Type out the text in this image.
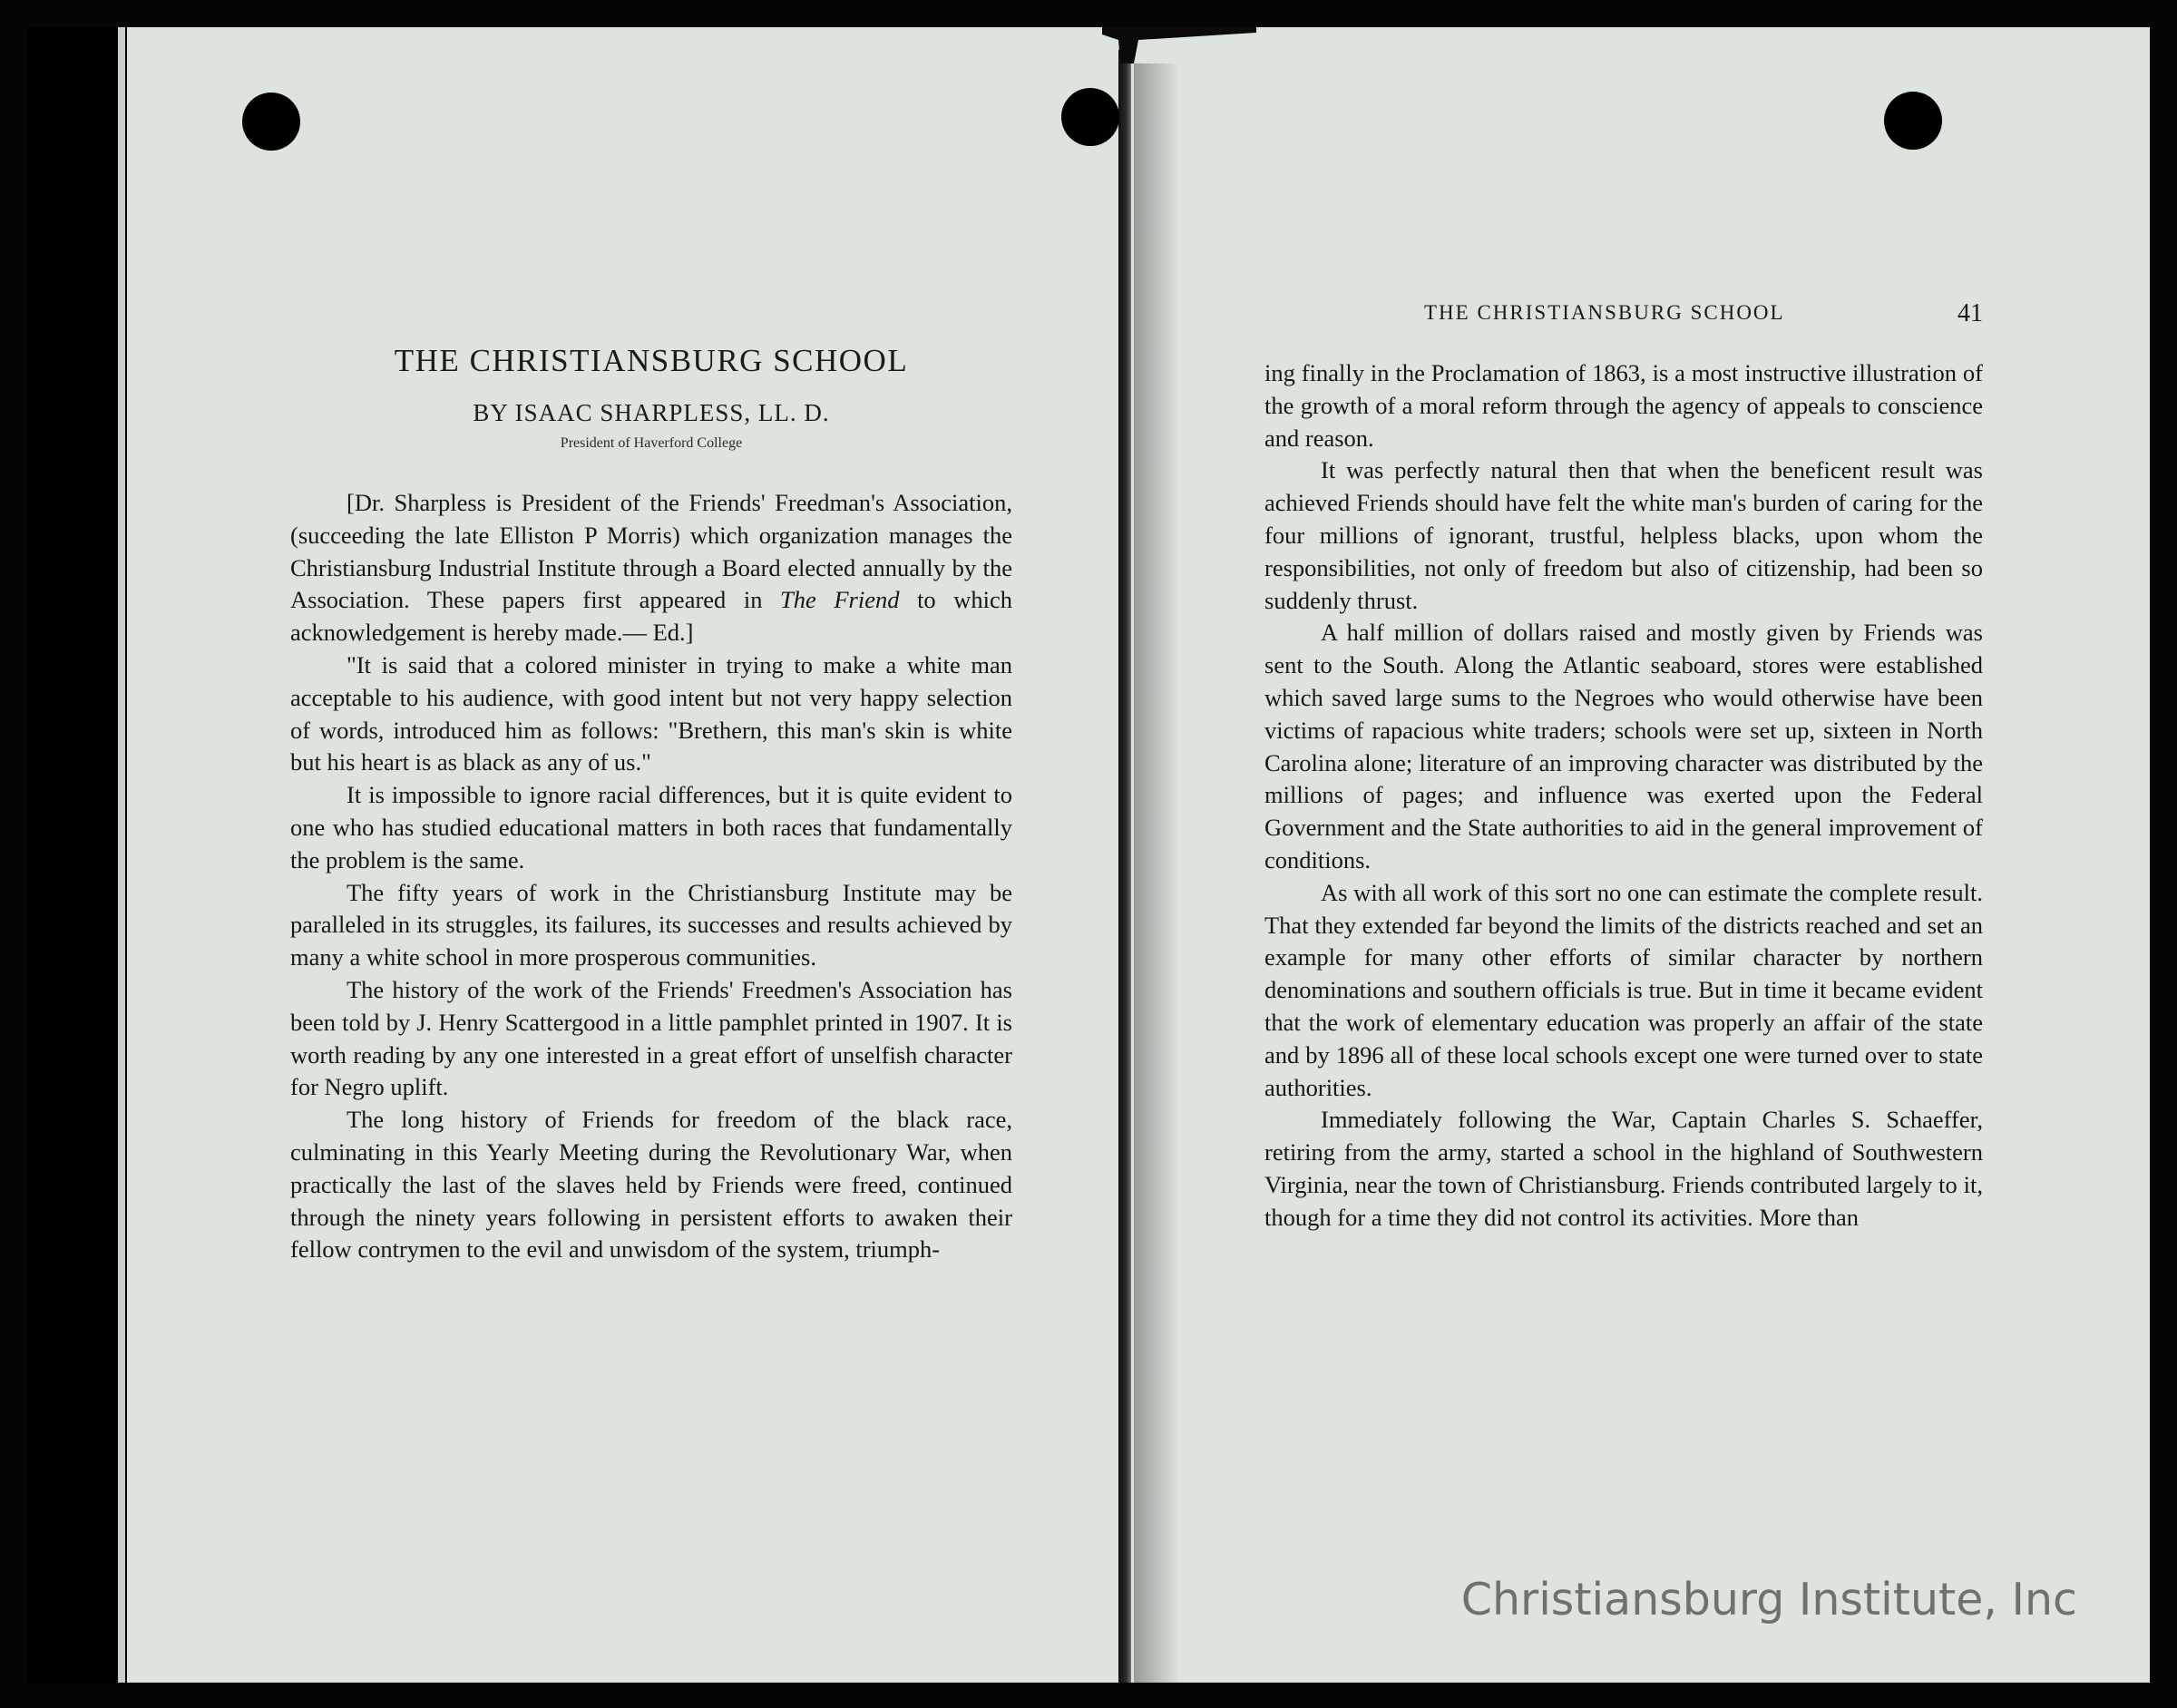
THE CHRISTIANSBURG SCHOOL
BY ISAAC SHARPLESS, LL. D.
President of Haverford College

[Dr. Sharpless is President of the Friends' Freedman's Association, (succeeding the late Elliston P Morris) which organization manages the Christiansburg Industrial Institute through a Board elected annually by the Association. These papers first appeared in The Friend to which acknowledgement is hereby made.— Ed.]

"It is said that a colored minister in trying to make a white man acceptable to his audience, with good intent but not very happy selection of words, introduced him as follows: "Brethern, this man's skin is white but his heart is as black as any of us."

It is impossible to ignore racial differences, but it is quite evident to one who has studied educational matters in both races that fundamentally the problem is the same.

The fifty years of work in the Christiansburg Institute may be paralleled in its struggles, its failures, its successes and results achieved by many a white school in more prosperous communities.

The history of the work of the Friends' Freedmen's Association has been told by J. Henry Scattergood in a little pamphlet printed in 1907. It is worth reading by any one interested in a great effort of unselfish character for Negro uplift.

The long history of Friends for freedom of the black race, culminating in this Yearly Meeting during the Revolutionary War, when practically the last of the slaves held by Friends were freed, continued through the ninety years following in persistent efforts to awaken their fellow contrymen to the evil and unwisdom of the system, triumph-

THE CHRISTIANSBURG SCHOOL	41

ing finally in the Proclamation of 1863, is a most instructive illustration of the growth of a moral reform through the agency of appeals to conscience and reason.

It was perfectly natural then that when the beneficent result was achieved Friends should have felt the white man's burden of caring for the four millions of ignorant, trustful, helpless blacks, upon whom the responsibilities, not only of freedom but also of citizenship, had been so suddenly thrust.

A half million of dollars raised and mostly given by Friends was sent to the South. Along the Atlantic seaboard, stores were established which saved large sums to the Negroes who would otherwise have been victims of rapacious white traders; schools were set up, sixteen in North Carolina alone; literature of an improving character was distributed by the millions of pages; and influence was exerted upon the Federal Government and the State authorities to aid in the general improvement of conditions.

As with all work of this sort no one can estimate the complete result. That they extended far beyond the limits of the districts reached and set an example for many other efforts of similar character by northern denominations and southern officials is true. But in time it became evident that the work of elementary education was properly an affair of the state and by 1896 all of these local schools except one were turned over to state authorities.

Immediately following the War, Captain Charles S. Schaeffer, retiring from the army, started a school in the highland of Southwestern Virginia, near the town of Christiansburg. Friends contributed largely to it, though for a time they did not control its activities. More than

Christiansburg Institute, Inc
